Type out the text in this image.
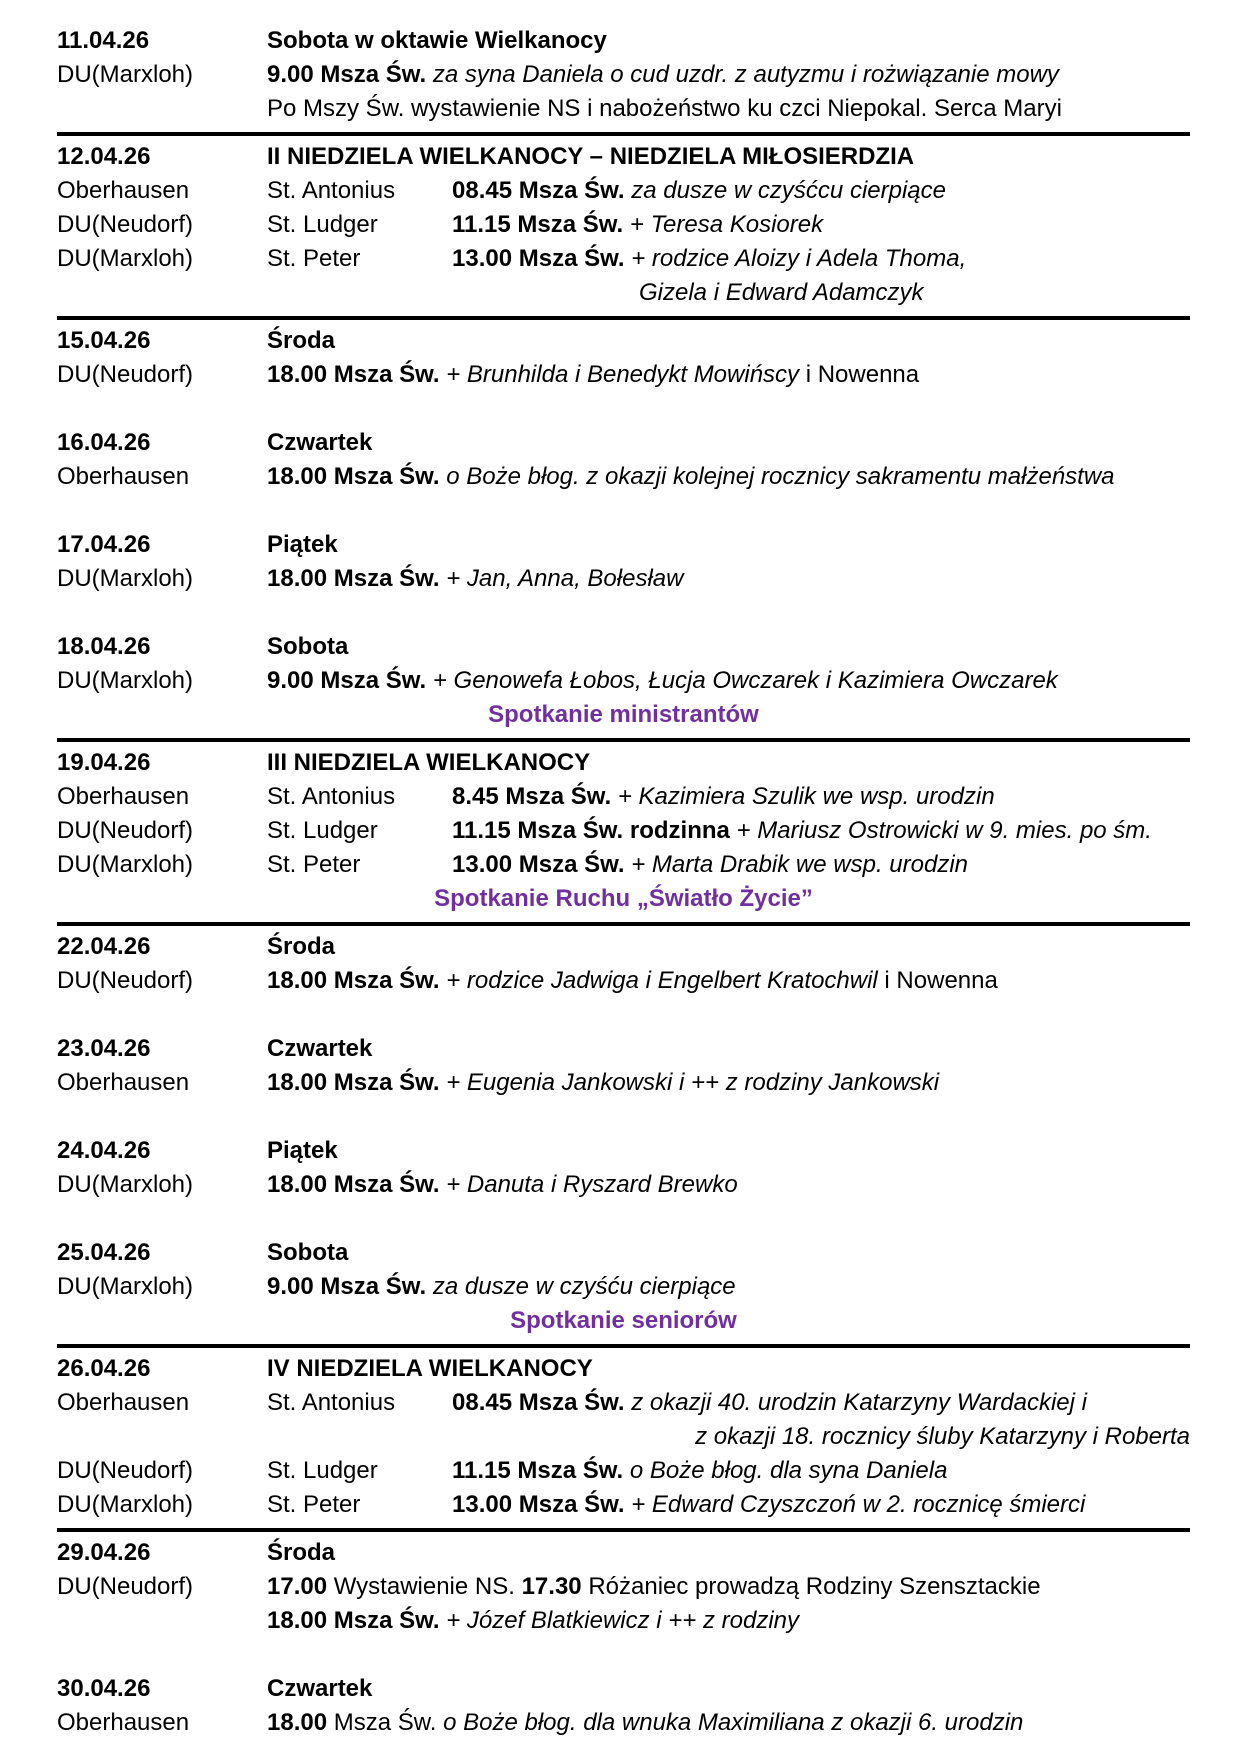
11.04.26	Sobota w oktawie Wielkanocy
DU(Marxloh)	9.00 Msza Św. za syna Daniela o cud uzdr. z autyzmu i rożwiązanie mowy
Po Mszy Św. wystawienie NS i nabożeństwo ku czci Niepokal. Serca Maryi
12.04.26	II NIEDZIELA WIELKANOCY – NIEDZIELA MIŁOSIERDZIA
Oberhausen	St. Antonius	08.45 Msza Św. za dusze w czyśćcu cierpiące
DU(Neudorf)	St. Ludger	11.15 Msza Św. + Teresa Kosiorek
DU(Marxloh)	St. Peter	13.00 Msza Św. + rodzice Aloizy i Adela Thoma,
Gizela i Edward Adamczyk
15.04.26	Środa
DU(Neudorf)	18.00 Msza Św. + Brunhilda i Benedykt Mowińscy i Nowenna
16.04.26	Czwartek
Oberhausen	18.00 Msza Św. o Boże błog. z okazji kolejnej rocznicy sakramentu małżeństwa
17.04.26	Piątek
DU(Marxloh)	18.00 Msza Św. + Jan, Anna, Bołesław
18.04.26	Sobota
DU(Marxloh)	9.00 Msza Św. + Genowefa Łobos, Łucja Owczarek i Kazimiera Owczarek
Spotkanie ministrantów
19.04.26	III NIEDZIELA WIELKANOCY
Oberhausen	St. Antonius	8.45 Msza Św. + Kazimiera Szulik we wsp. urodzin
DU(Neudorf)	St. Ludger	11.15 Msza Św. rodzinna + Mariusz Ostrowicki w 9. mies. po śm.
DU(Marxloh)	St. Peter	13.00 Msza Św. + Marta Drabik we wsp. urodzin
Spotkanie Ruchu „Światło Życie”
22.04.26	Środa
DU(Neudorf)	18.00 Msza Św. + rodzice Jadwiga i Engelbert Kratochwil i Nowenna
23.04.26	Czwartek
Oberhausen	18.00 Msza Św. + Eugenia Jankowski i ++ z rodziny Jankowski
24.04.26	Piątek
DU(Marxloh)	18.00 Msza Św. + Danuta i Ryszard Brewko
25.04.26	Sobota
DU(Marxloh)	9.00 Msza Św. za dusze w czyśću cierpiące
Spotkanie seniorów
26.04.26	IV NIEDZIELA WIELKANOCY
Oberhausen	St. Antonius	08.45 Msza Św. z okazji 40. urodzin Katarzyny Wardackiej i
z okazji 18. rocznicy śluby Katarzyny i Roberta
DU(Neudorf)	St. Ludger	11.15 Msza Św. o Boże błog. dla syna Daniela
DU(Marxloh)	St. Peter	13.00 Msza Św. + Edward Czyszczoń w 2. rocznicę śmierci
29.04.26	Środa
DU(Neudorf)	17.00 Wystawienie NS. 17.30 Różaniec prowadzą Rodziny Szensztackie
18.00 Msza Św. + Józef Blatkiewicz i ++ z rodziny
30.04.26	Czwartek
Oberhausen	18.00 Msza Św. o Boże błog. dla wnuka Maximiliana z okazji 6. urodzin
